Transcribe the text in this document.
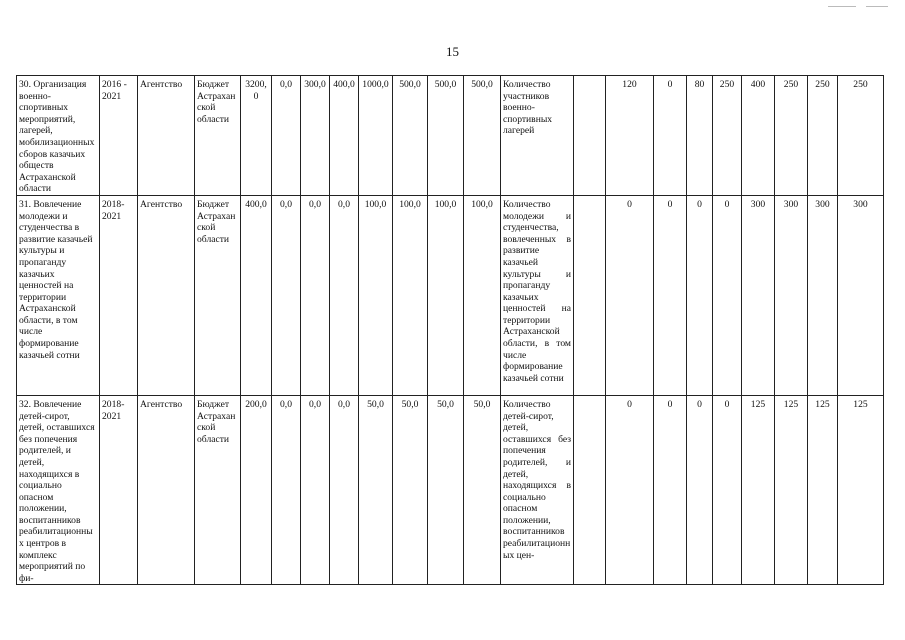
15
30. Организация военно-спортивных мероприятий, лагерей, мобилизационных сборов казачьих обществ Астраханской области	2016 - 2021	Агентство	Бюджет Астраханской области	3200,0	0,0	300,0	400,0	1000,0	500,0	500,0	500,0	Количество участников военно-спортивных лагерей		120	0	80	250	400	250	250	250
31. Вовлечение молодежи и студенчества в развитие казачьей культуры и пропаганду казачьих ценностей на территории Астраханской области, в том числе формирование казачьей сотни	2018-2021	Агентство	Бюджет Астраханской области	400,0	0,0	0,0	0,0	100,0	100,0	100,0	100,0	Количество молодежи и студенчества, вовлеченных в развитие казачьей культуры и пропаганду казачьих ценностей на территории Астраханской области, в том числе формирование казачьей сотни		0	0	0	0	300	300	300	300
32. Вовлечение детей-сирот, детей, оставшихся без попечения родителей, и детей, находящихся в социально опасном положении, воспитанников реабилитационных центров в комплекс мероприятий по фи-	2018-2021	Агентство	Бюджет Астраханской области	200,0	0,0	0,0	0,0	50,0	50,0	50,0	50,0	Количество детей-сирот, детей, оставшихся без попечения родителей, и детей, находящихся в социально опасном положении, воспитанников реабилитационных цен-		0	0	0	0	125	125	125	125
